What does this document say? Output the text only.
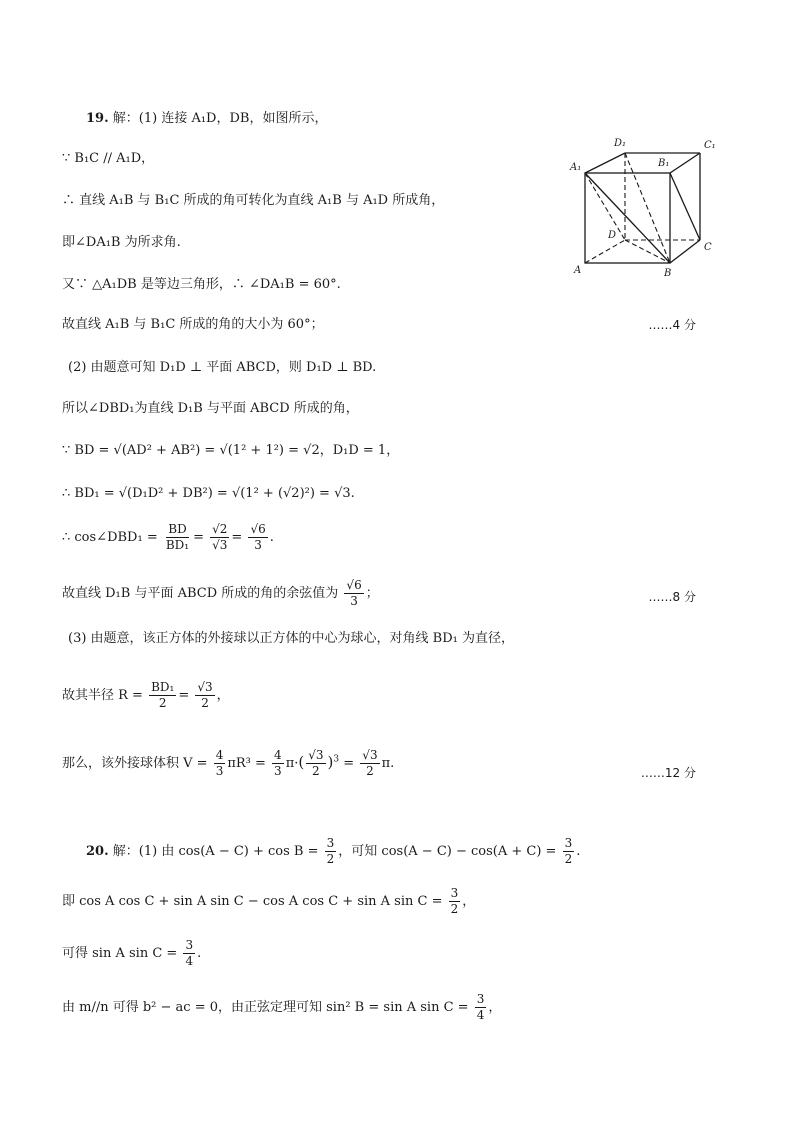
D₁	C₁
A₁	B₁
D
C
A	B
19. 解：(1) 连接 A₁D，DB，如图所示，
∵ B₁C // A₁D，
∴ 直线 A₁B 与 B₁C 所成的角可转化为直线 A₁B 与 A₁D 所成角，
即∠DA₁B 为所求角.
又∵ △A₁DB 是等边三角形，∴ ∠DA₁B = 60°.
故直线 A₁B 与 B₁C 所成的角的大小为 60°；	……4 分
(2) 由题意可知 D₁D ⊥ 平面 ABCD，则 D₁D ⊥ BD.
所以∠DBD₁为直线 D₁B 与平面 ABCD 所成的角，
∵ BD = √(AD² + AB²) = √(1² + 1²) = √2，D₁D = 1，
∴ BD₁ = √(D₁D² + DB²) = √(1² + (√2)²) = √3.
∴ cos∠DBD₁ = $\frac{BD}{\text{BD₁}} = \frac{√2}{√3} = \frac{√6}{3}$ .
故直线 D₁B 与平面 ABCD 所成的角的余弦值为 $\frac{√6}{3}$ ；	……8 分
(3) 由题意，该正方体的外接球以正方体的中心为球心，对角线 BD₁ 为直径，
故其半径 $R = \frac{\text{BD₁}}{2} = \frac{√3}{2}$ ，
那么，该外接球体积 $V = \frac{4}{3} \pi R^3 = \frac{4}{3} \pi\cdot( \frac{√3}{2} )^3 = \frac{√3}{2} \pi$.
……12 分
20. 解：(1) 由 $\cos(A - C) + \cos B = \frac{3}{2}$ ，可知 $\cos(A - C) - \cos(A + C) = \frac{3}{2}$ .
即 cos A cos C + sin A sin C − cos A cos C + sin A $\sin C = \frac{3}{2}$ ，
可得 sin A $\sin C = \frac{3}{4}$ .
由 m//n 可得 b² − ac = 0，由正弦定理可知 sin² B = sin A $\sin C = \frac{3}{4}$ ，
